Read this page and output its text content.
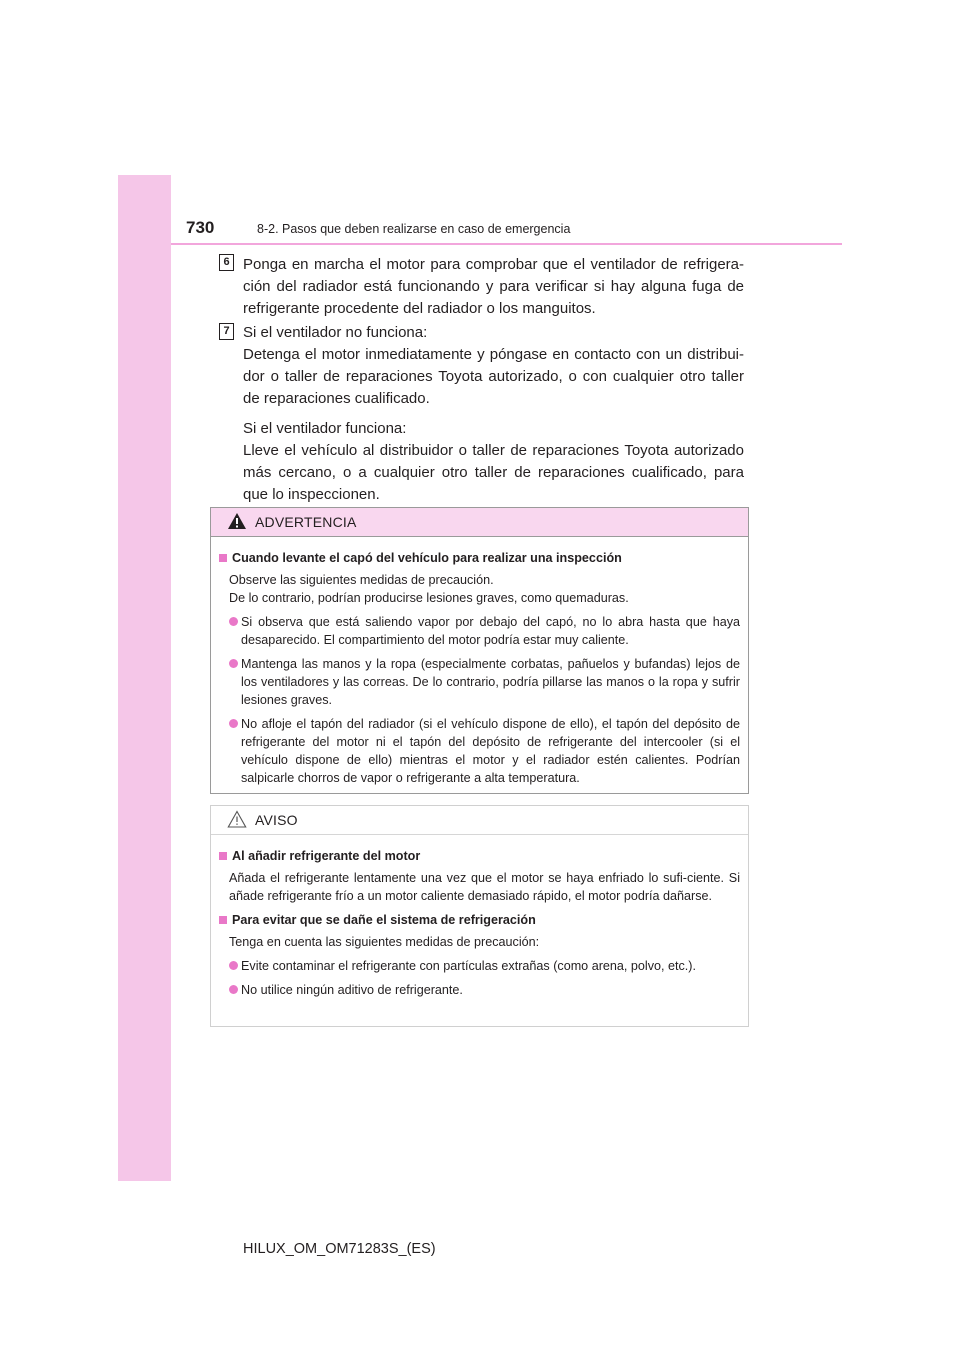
730	8-2. Pasos que deben realizarse en caso de emergencia
6 Ponga en marcha el motor para comprobar que el ventilador de refrigera-ción del radiador está funcionando y para verificar si hay alguna fuga de refrigerante procedente del radiador o los manguitos.

7 Si el ventilador no funciona:

Detenga el motor inmediatamente y póngase en contacto con un distribui-dor o taller de reparaciones Toyota autorizado, o con cualquier otro taller de reparaciones cualificado.

Si el ventilador funciona:

Lleve el vehículo al distribuidor o taller de reparaciones Toyota autorizado más cercano, o a cualquier otro taller de reparaciones cualificado, para que lo inspeccionen.

ADVERTENCIA

Cuando levante el capó del vehículo para realizar una inspección

Observe las siguientes medidas de precaución.
De lo contrario, podrían producirse lesiones graves, como quemaduras.

Si observa que está saliendo vapor por debajo del capó, no lo abra hasta que haya desaparecido. El compartimiento del motor podría estar muy caliente.
Mantenga las manos y la ropa (especialmente corbatas, pañuelos y bufandas) lejos de los ventiladores y las correas. De lo contrario, podría pillarse las manos o la ropa y sufrir lesiones graves.
No afloje el tapón del radiador (si el vehículo dispone de ello), el tapón del depósito de refrigerante del motor ni el tapón del depósito de refrigerante del intercooler (si el vehículo dispone de ello) mientras el motor y el radiador estén calientes. Podrían salpicarle chorros de vapor o refrigerante a alta temperatura.
AVISO

Al añadir refrigerante del motor

Añada el refrigerante lentamente una vez que el motor se haya enfriado lo sufi-ciente. Si añade refrigerante frío a un motor caliente demasiado rápido, el motor podría dañarse.

Para evitar que se dañe el sistema de refrigeración

Tenga en cuenta las siguientes medidas de precaución:

Evite contaminar el refrigerante con partículas extrañas (como arena, polvo, etc.).
No utilice ningún aditivo de refrigerante.
HILUX_OM_OM71283S_(ES)
